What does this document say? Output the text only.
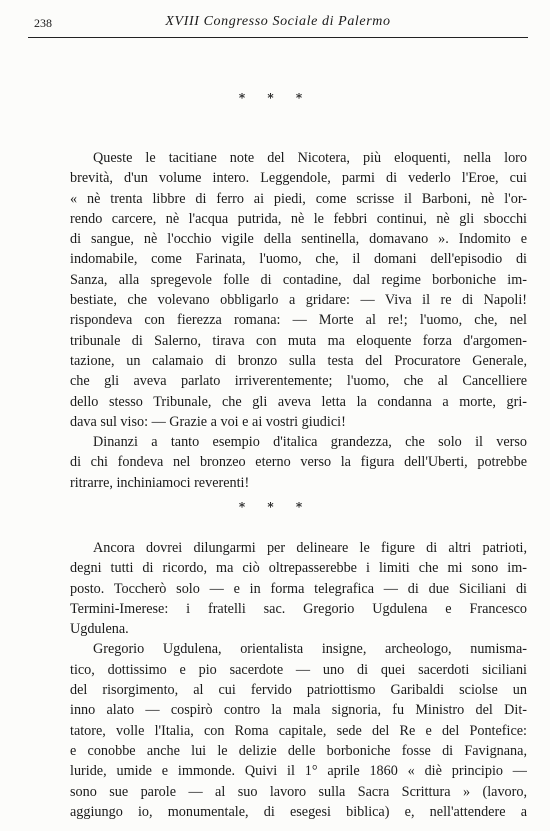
238	XVIII Congresso Sociale di Palermo
* * *
Queste le tacitiane note del Nicotera, più eloquenti, nella loro
brevità, d'un volume intero. Leggendole, parmi di vederlo l'Eroe, cui
« nè trenta libbre di ferro ai piedi, come scrisse il Barboni, nè l'or-
rendo carcere, nè l'acqua putrida, nè le febbri continui, nè gli sbocchi
di sangue, nè l'occhio vigile della sentinella, domavano ». Indomito e
indomabile, come Farinata, l'uomo, che, il domani dell'episodio di
Sanza, alla spregevole folle di contadine, dal regime borboniche im-
bestiate, che volevano obbligarlo a gridare: — Viva il re di Napoli!
rispondeva con fierezza romana: — Morte al re!; l'uomo, che, nel
tribunale di Salerno, tirava con muta ma eloquente forza d'argomen-
tazione, un calamaio di bronzo sulla testa del Procuratore Generale,
che gli aveva parlato irriverentemente; l'uomo, che al Cancelliere
dello stesso Tribunale, che gli aveva letta la condanna a morte, gri-
dava sul viso: — Grazie a voi e ai vostri giudici!
Dinanzi a tanto esempio d'italica grandezza, che solo il verso
di chi fondeva nel bronzeo eterno verso la figura dell'Uberti, potrebbe
ritrarre, inchiniamoci reverenti!
* * *
Ancora dovrei dilungarmi per delineare le figure di altri patrioti,
degni tutti di ricordo, ma ciò oltrepasserebbe i limiti che mi sono im-
posto. Toccherò solo — e in forma telegrafica — di due Siciliani di
Termini-Imerese: i fratelli sac. Gregorio Ugdulena e Francesco
Ugdulena.
Gregorio Ugdulena, orientalista insigne, archeologo, numisma-
tico, dottissimo e pio sacerdote — uno di quei sacerdoti siciliani
del risorgimento, al cui fervido patriottismo Garibaldi sciolse un
inno alato — cospirò contro la mala signoria, fu Ministro del Dit-
tatore, volle l'Italia, con Roma capitale, sede del Re e del Pontefice:
e conobbe anche lui le delizie delle borboniche fosse di Favignana,
luride, umide e immonde. Quivi il 1° aprile 1860 « diè principio —
sono sue parole — al suo lavoro sulla Sacra Scrittura » (lavoro,
aggiungo io, monumentale, di esegesi biblica) e, nell'attendere a
